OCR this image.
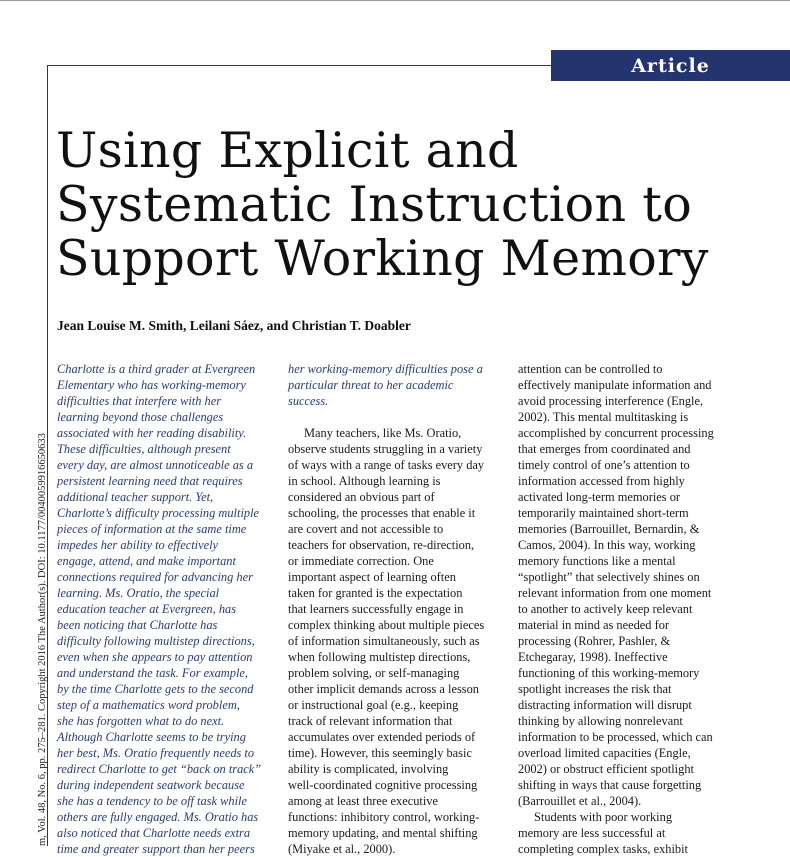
Article
m, Vol. 48, No. 6, pp. 275–281. Copyright 2016 The Author(s). DOI: 10.1177/0040059916650633
Using Explicit and
Systematic Instruction to
Support Working Memory
Jean Louise M. Smith, Leilani Sáez, and Christian T. Doabler
Charlotte is a third grader at Evergreen
Elementary who has working-memory
difficulties that interfere with her
learning beyond those challenges
associated with her reading disability.
These difficulties, although present
every day, are almost unnoticeable as a
persistent learning need that requires
additional teacher support. Yet,
Charlotte’s difficulty processing multiple
pieces of information at the same time
impedes her ability to effectively
engage, attend, and make important
connections required for advancing her
learning. Ms. Oratio, the special
education teacher at Evergreen, has
been noticing that Charlotte has
difficulty following multistep directions,
even when she appears to pay attention
and understand the task. For example,
by the time Charlotte gets to the second
step of a mathematics word problem,
she has forgotten what to do next.
Although Charlotte seems to be trying
her best, Ms. Oratio frequently needs to
redirect Charlotte to get “back on track”
during independent seatwork because
she has a tendency to be off task while
others are fully engaged. Ms. Oratio has
also noticed that Charlotte needs extra
time and greater support than her peers

her working-memory difficulties pose a
particular threat to her academic
success.

Many teachers, like Ms. Oratio,
observe students struggling in a variety
of ways with a range of tasks every day
in school. Although learning is
considered an obvious part of
schooling, the processes that enable it
are covert and not accessible to
teachers for observation, re-direction,
or immediate correction. One
important aspect of learning often
taken for granted is the expectation
that learners successfully engage in
complex thinking about multiple pieces
of information simultaneously, such as
when following multistep directions,
problem solving, or self-managing
other implicit demands across a lesson
or instructional goal (e.g., keeping
track of relevant information that
accumulates over extended periods of
time). However, this seemingly basic
ability is complicated, involving
well-coordinated cognitive processing
among at least three executive
functions: inhibitory control, working-
memory updating, and mental shifting
(Miyake et al., 2000).

attention can be controlled to
effectively manipulate information and
avoid processing interference (Engle,
2002). This mental multitasking is
accomplished by concurrent processing
that emerges from coordinated and
timely control of one’s attention to
information accessed from highly
activated long-term memories or
temporarily maintained short-term
memories (Barrouillet, Bernardin, &
Camos, 2004). In this way, working
memory functions like a mental
“spotlight” that selectively shines on
relevant information from one moment
to another to actively keep relevant
material in mind as needed for
processing (Rohrer, Pashler, &
Etchegaray, 1998). Ineffective
functioning of this working-memory
spotlight increases the risk that
distracting information will disrupt
thinking by allowing nonrelevant
information to be processed, which can
overload limited capacities (Engle,
2002) or obstruct efficient spotlight
shifting in ways that cause forgetting
(Barrouillet et al., 2004).

Students with poor working
memory are less successful at
completing complex tasks, exhibit
